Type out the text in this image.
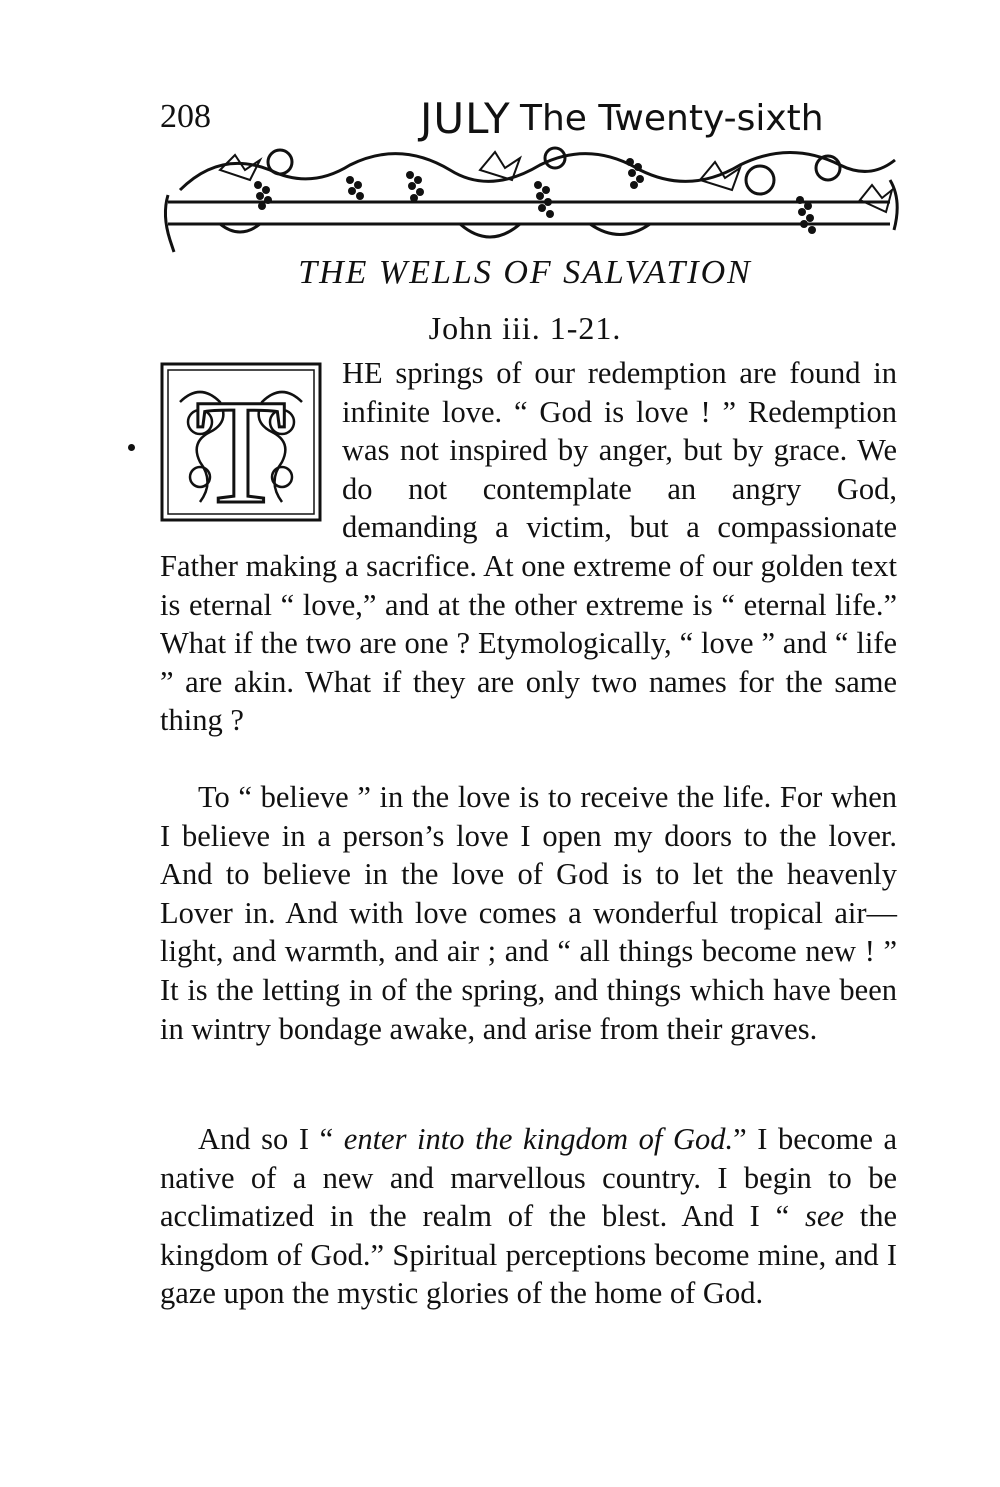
208	JULY The Twenty-sixth
THE WELLS OF SALVATION
John iii. 1-21.
T	HE springs of our redemption are found in infinite love. “ God is love ! ” Redemption was not inspired by anger, but by grace. We do not contemplate an angry God, demanding a victim, but a compassionate Father making a sacrifice. At one extreme of our golden text is eternal “ love,” and at the other extreme is “ eternal life.” What if the two are one ? Etymologically, “ love ” and “ life ” are akin. What if they are only two names for the same thing ?

To “ believe ” in the love is to receive the life. For when I believe in a person’s love I open my doors to the lover. And to believe in the love of God is to let the heavenly Lover in. And with love comes a wonderful tropical air—light, and warmth, and air ; and “ all things become new ! ” It is the letting in of the spring, and things which have been in wintry bondage awake, and arise from their graves.

And so I “ enter into the kingdom of God.” I become a native of a new and marvellous country. I begin to be acclimatized in the realm of the blest. And I “ see the kingdom of God.” Spiritual perceptions become mine, and I gaze upon the mystic glories of the home of God.
